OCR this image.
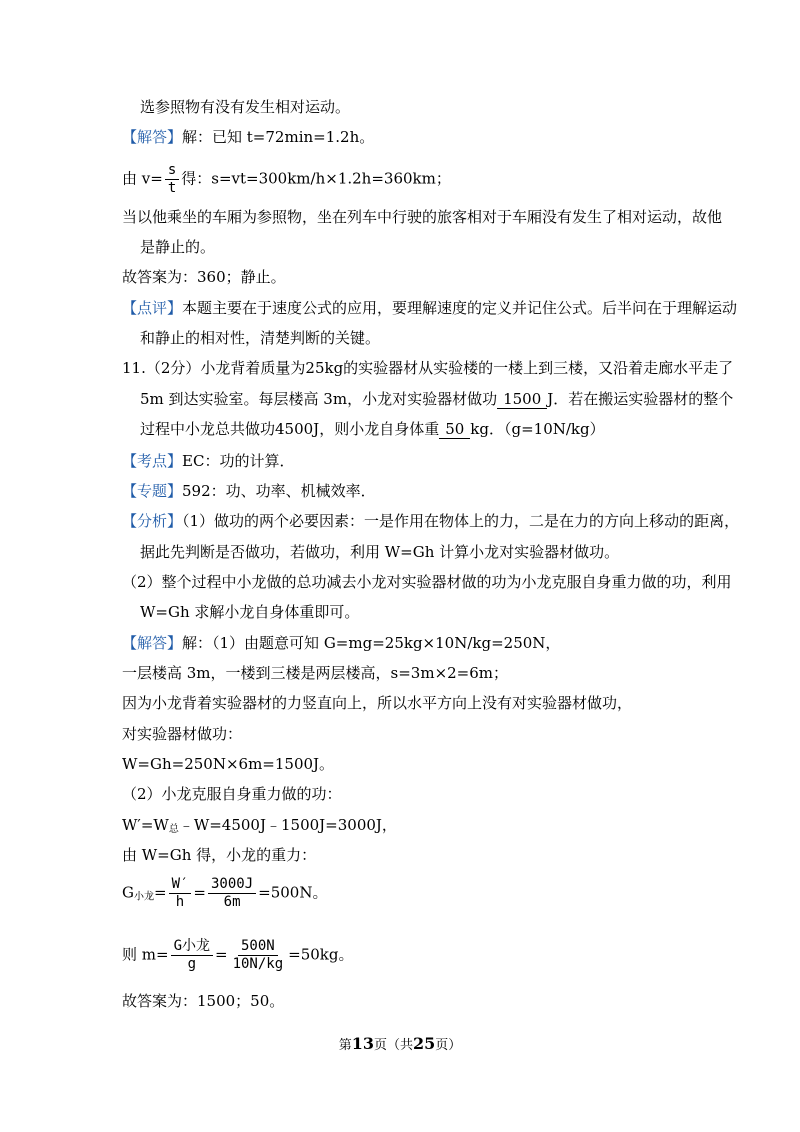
选参照物有没有发生相对运动。
【解答】解：已知 t=72min=1.2h。
由 $v= \frac{s}{t}$ 得：s=vt=300km/h×1.2h=360km；
当以他乘坐的车厢为参照物，坐在列车中行驶的旅客相对于车厢没有发生了相对运动，故他
是静止的。
故答案为：360；静止。
【点评】本题主要在于速度公式的应用，要理解速度的定义并记住公式。后半问在于理解运动
和静止的相对性，清楚判断的关键。
11.（2分）小龙背着质量为25kg的实验器材从实验楼的一楼上到三楼，又沿着走廊水平走了
5m 到达实验室。每层楼高 3m，小龙对实验器材做功 1500 J．若在搬运实验器材的整个
过程中小龙总共做功4500J，则小龙自身体重 50 kg．（g=10N/kg）
【考点】EC：功的计算．
【专题】592：功、功率、机械效率．
【分析】（1）做功的两个必要因素：一是作用在物体上的力，二是在力的方向上移动的距离，
据此先判断是否做功，若做功，利用 W=Gh 计算小龙对实验器材做功。
（2）整个过程中小龙做的总功减去小龙对实验器材做的功为小龙克服自身重力做的功，利用
W=Gh 求解小龙自身体重即可。
【解答】解：（1）由题意可知 G=mg=25kg×10N/kg=250N，
一层楼高 3m，一楼到三楼是两层楼高，s=3m×2=6m；
因为小龙背着实验器材的力竖直向上，所以水平方向上没有对实验器材做功，
对实验器材做功：
W=Gh=250N×6m=1500J。
（2）小龙克服自身重力做的功：
$W'=W_总﹣W=4500J﹣1500J=3000J$，
由 W=Gh 得，小龙的重力：
$G_{小龙}= \frac{W'}{h} = \frac{3000J}{6m} =500N$。
则 $m= \frac{\text{G小龙}}{g} = \frac{500N}{10N/kg} =50kg$。
故答案为：1500；50。
第13页（共25页）
